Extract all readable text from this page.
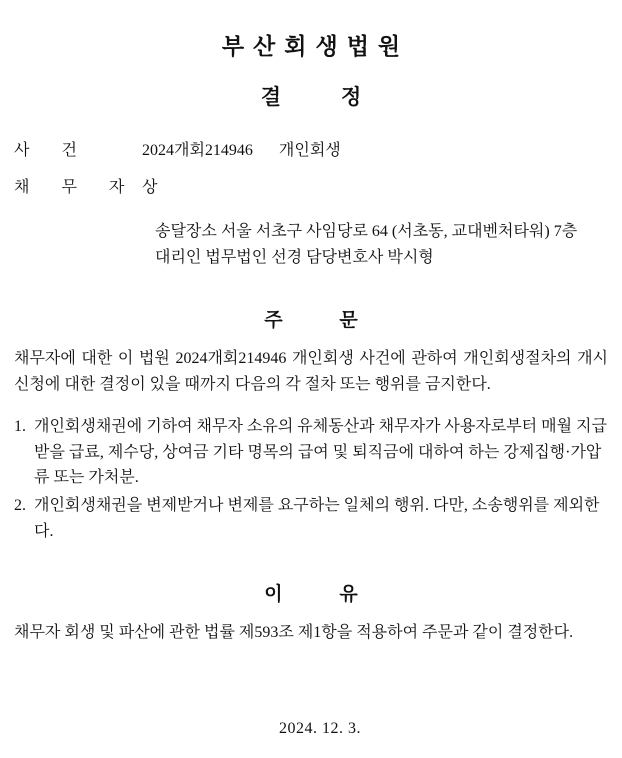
부산회생법원
결정
사 건	2024개회214946 개인회생
채 무 자 상
송달장소 서울 서초구 사임당로 64 (서초동, 교대벤처타워) 7층
대리인 법무법인 선경 담당변호사 박시형
주 문
채무자에 대한 이 법원 2024개회214946 개인회생 사건에 관하여 개인회생절차의 개시신청에 대한 결정이 있을 때까지 다음의 각 절차 또는 행위를 금지한다.
1. 개인회생채권에 기하여 채무자 소유의 유체동산과 채무자가 사용자로부터 매월 지급받을 급료, 제수당, 상여금 기타 명목의 급여 및 퇴직금에 대하여 하는 강제집행·가압류 또는 가처분.
2. 개인회생채권을 변제받거나 변제를 요구하는 일체의 행위. 다만, 소송행위를 제외한다.
이 유
채무자 회생 및 파산에 관한 법률 제593조 제1항을 적용하여 주문과 같이 결정한다.
2024. 12. 3.
